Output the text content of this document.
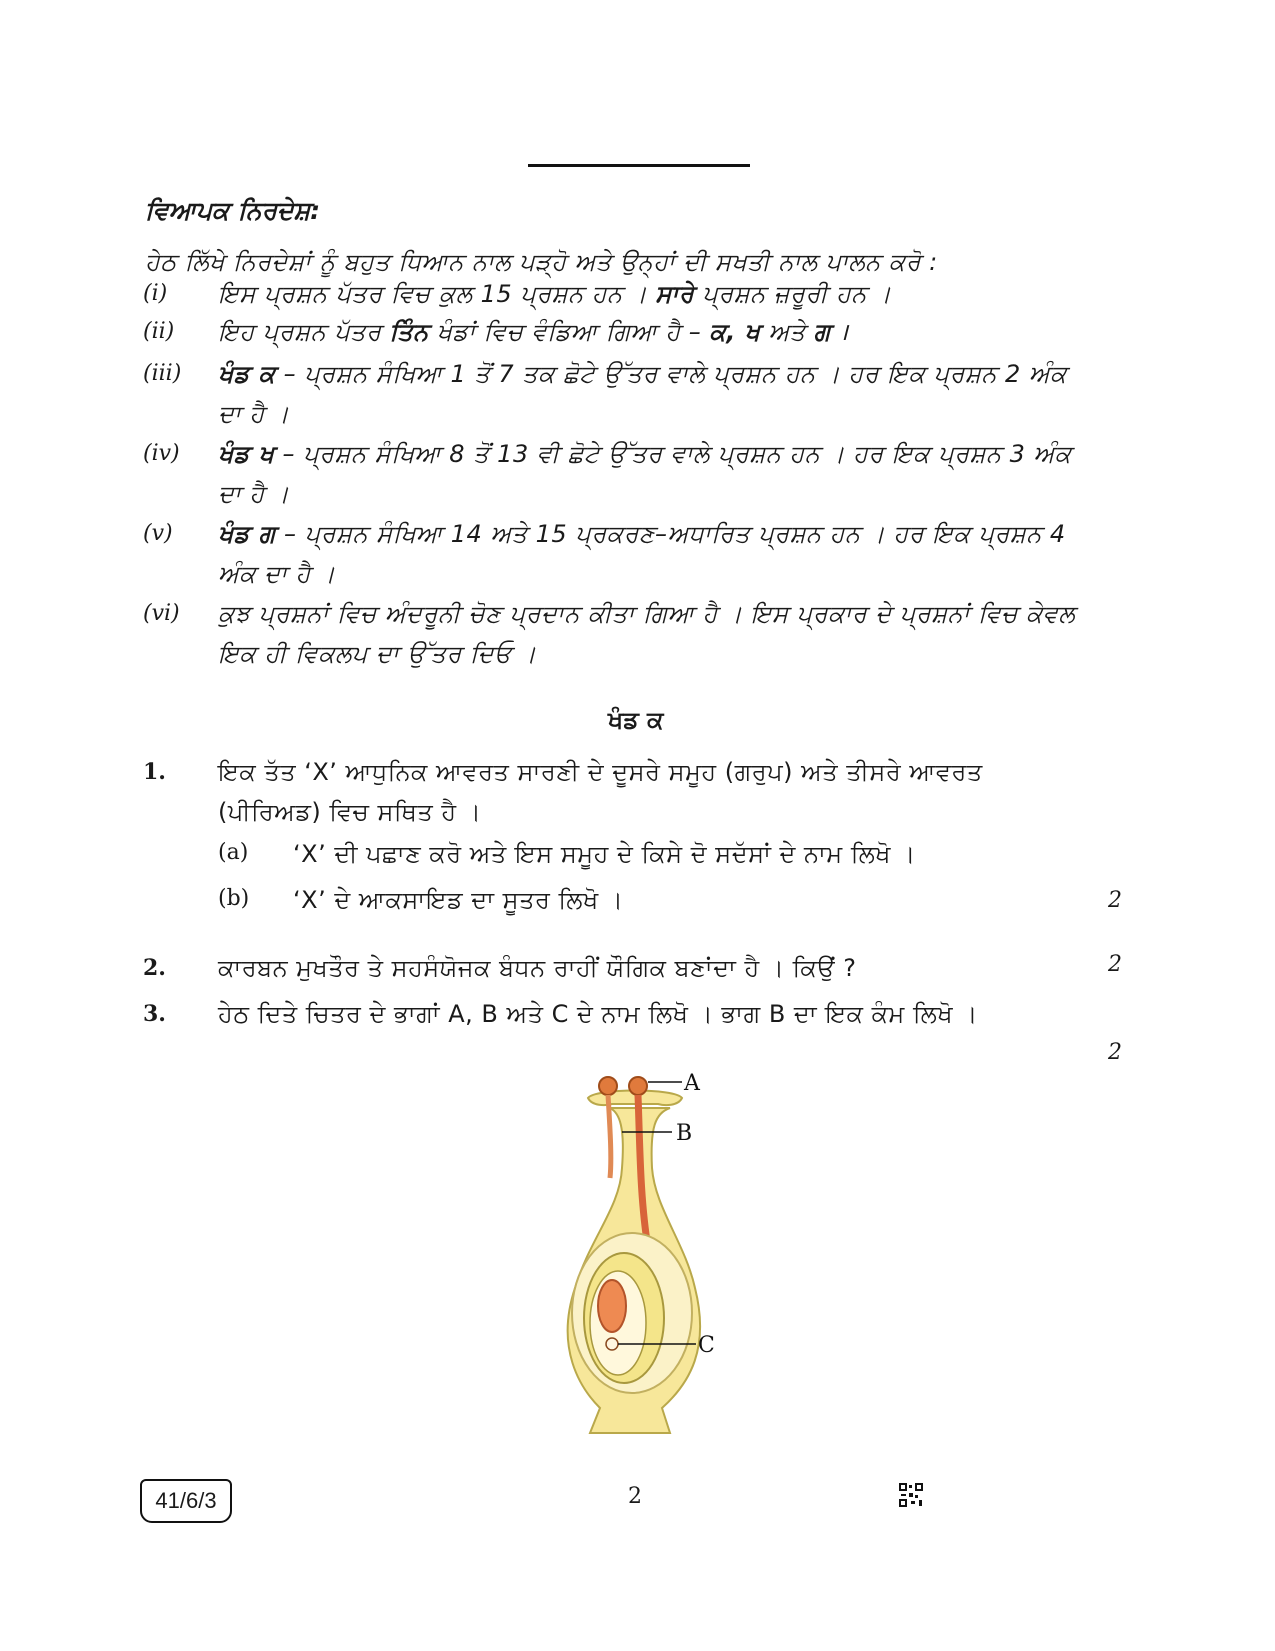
ਵਿਆਪਕ ਨਿਰਦੇਸ਼:
ਹੇਠ ਲਿੱਖੇ ਨਿਰਦੇਸ਼ਾਂ ਨੂੰ ਬਹੁਤ ਧਿਆਨ ਨਾਲ ਪੜ੍ਹੋ ਅਤੇ ਉਨ੍ਹਾਂ ਦੀ ਸਖਤੀ ਨਾਲ ਪਾਲਨ ਕਰੋ :
(i) ਇਸ ਪ੍ਰਸ਼ਨ ਪੱਤਰ ਵਿਚ ਕੁਲ 15 ਪ੍ਰਸ਼ਨ ਹਨ । ਸਾਰੇ ਪ੍ਰਸ਼ਨ ਜ਼ਰੂਰੀ ਹਨ ।
(ii) ਇਹ ਪ੍ਰਸ਼ਨ ਪੱਤਰ ਤਿੰਨ ਖੰਡਾਂ ਵਿਚ ਵੰਡਿਆ ਗਿਆ ਹੈ – ਕ, ਖ ਅਤੇ ਗ ।
(iii) ਖੰਡ ਕ – ਪ੍ਰਸ਼ਨ ਸੰਖਿਆ 1 ਤੋਂ 7 ਤਕ ਛੋਟੇ ਉੱਤਰ ਵਾਲੇ ਪ੍ਰਸ਼ਨ ਹਨ । ਹਰ ਇਕ ਪ੍ਰਸ਼ਨ 2 ਅੰਕ ਦਾ ਹੈ ।
(iv) ਖੰਡ ਖ – ਪ੍ਰਸ਼ਨ ਸੰਖਿਆ 8 ਤੋਂ 13 ਵੀ ਛੋਟੇ ਉੱਤਰ ਵਾਲੇ ਪ੍ਰਸ਼ਨ ਹਨ । ਹਰ ਇਕ ਪ੍ਰਸ਼ਨ 3 ਅੰਕ ਦਾ ਹੈ ।
(v) ਖੰਡ ਗ – ਪ੍ਰਸ਼ਨ ਸੰਖਿਆ 14 ਅਤੇ 15 ਪ੍ਰਕਰਣ–ਅਧਾਰਿਤ ਪ੍ਰਸ਼ਨ ਹਨ । ਹਰ ਇਕ ਪ੍ਰਸ਼ਨ 4 ਅੰਕ ਦਾ ਹੈ ।
(vi) ਕੁਝ ਪ੍ਰਸ਼ਨਾਂ ਵਿਚ ਅੰਦਰੂਨੀ ਚੋਣ ਪ੍ਰਦਾਨ ਕੀਤਾ ਗਿਆ ਹੈ । ਇਸ ਪ੍ਰਕਾਰ ਦੇ ਪ੍ਰਸ਼ਨਾਂ ਵਿਚ ਕੇਵਲ ਇਕ ਹੀ ਵਿਕਲਪ ਦਾ ਉੱਤਰ ਦਿਓ ।
ਖੰਡ ਕ
1. ਇਕ ਤੱਤ ‘X’ ਆਧੁਨਿਕ ਆਵਰਤ ਸਾਰਣੀ ਦੇ ਦੂਸਰੇ ਸਮੂਹ (ਗਰੁਪ) ਅਤੇ ਤੀਸਰੇ ਆਵਰਤ (ਪੀਰਿਅਡ) ਵਿਚ ਸਥਿਤ ਹੈ ।
(a) ‘X’ ਦੀ ਪਛਾਣ ਕਰੋ ਅਤੇ ਇਸ ਸਮੂਹ ਦੇ ਕਿਸੇ ਦੋ ਸਦੱਸਾਂ ਦੇ ਨਾਮ ਲਿਖੋ ।
(b) ‘X’ ਦੇ ਆਕਸਾਇਡ ਦਾ ਸੂਤਰ ਲਿਖੋ ।	2
2. ਕਾਰਬਨ ਮੁਖਤੌਰ ਤੇ ਸਹਸੰਯੋਜਕ ਬੰਧਨ ਰਾਹੀਂ ਯੌਗਿਕ ਬਣਾਂਦਾ ਹੈ । ਕਿਉਂ ?	2
3. ਹੇਠ ਦਿਤੇ ਚਿਤਰ ਦੇ ਭਾਗਾਂ A, B ਅਤੇ C ਦੇ ਨਾਮ ਲਿਖੋ । ਭਾਗ B ਦਾ ਇਕ ਕੰਮ ਲਿਖੋ ।
2
A
B
C
41/6/3	2
